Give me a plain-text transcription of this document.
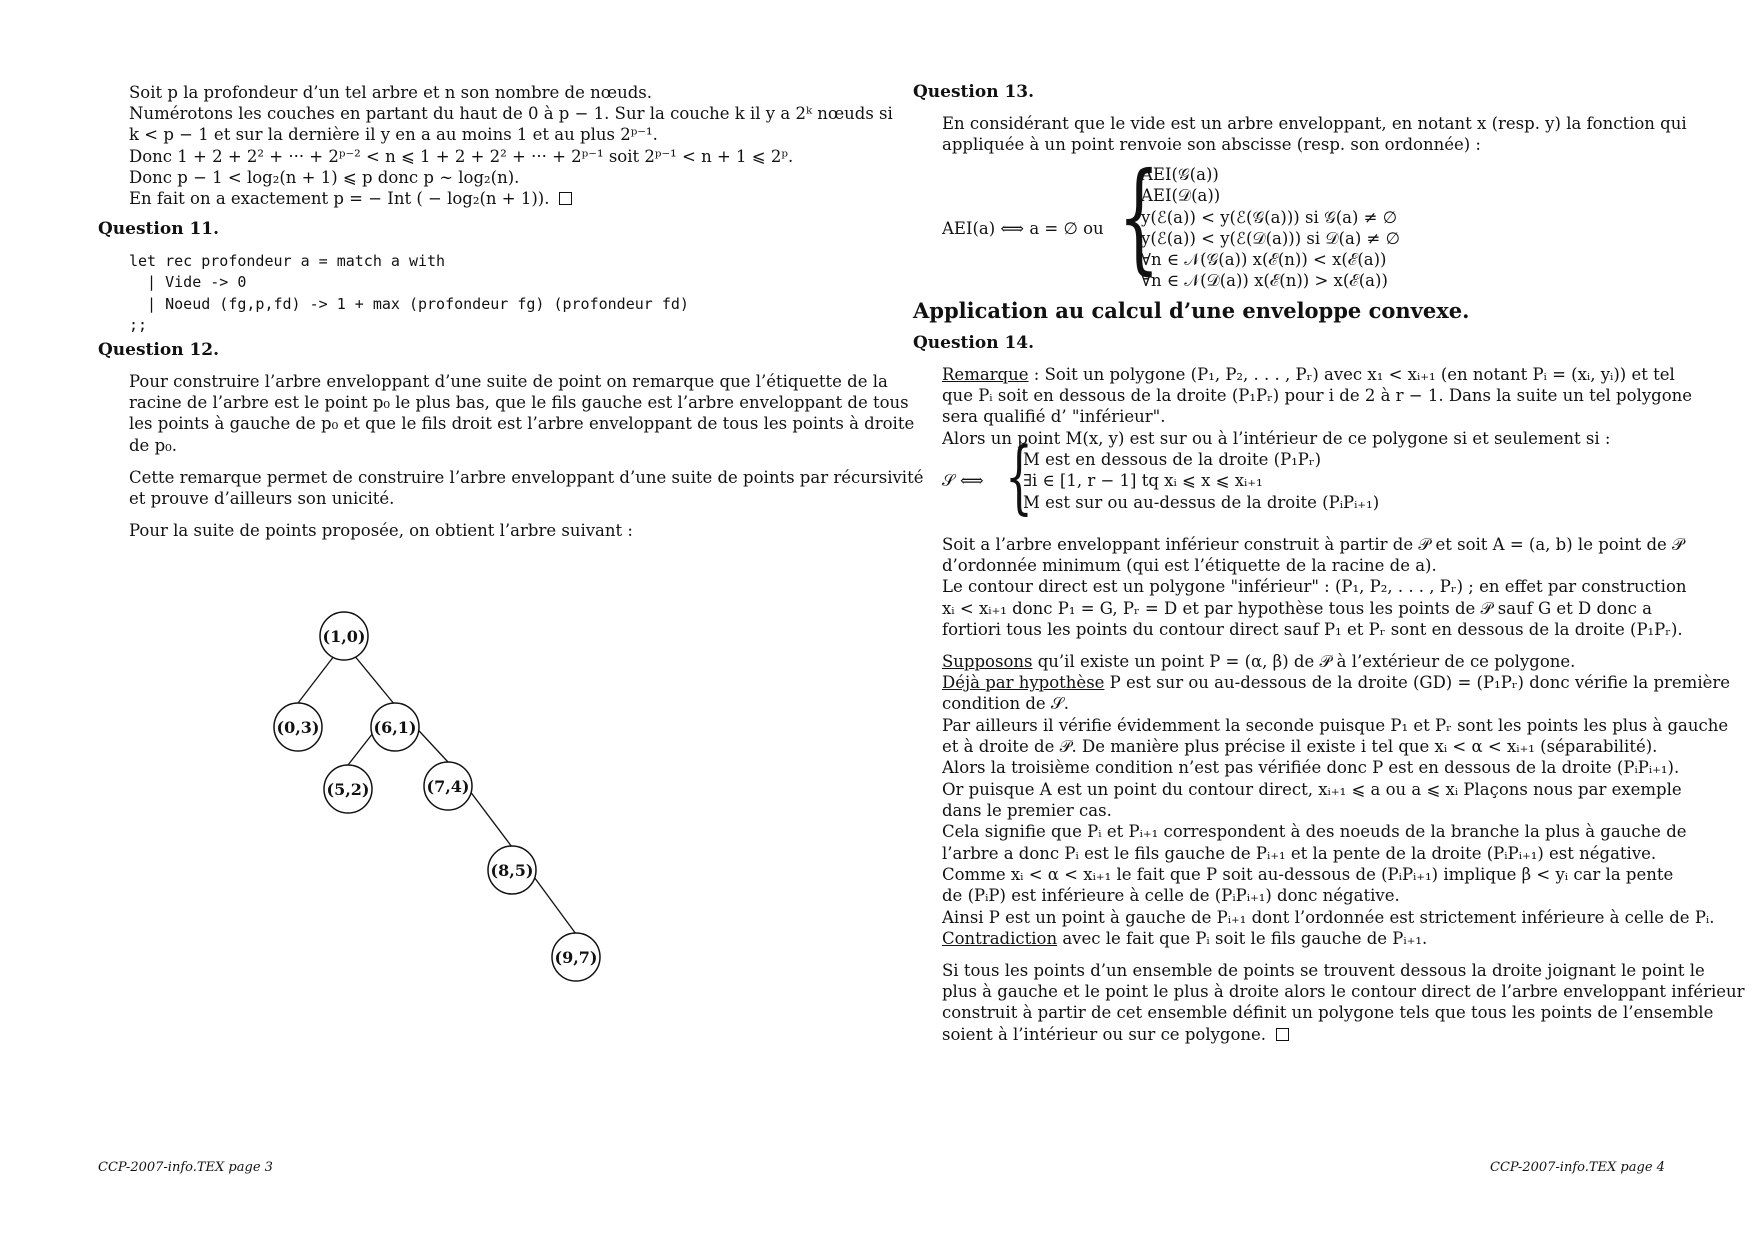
Soit p la profondeur d’un tel arbre et n son nombre de nœuds.
Numérotons les couches en partant du haut de 0 à p − 1. Sur la couche k il y a 2ᵏ nœuds si
k < p − 1 et sur la dernière il y en a au moins 1 et au plus 2ᵖ⁻¹.
Donc 1 + 2 + 2² + ··· + 2ᵖ⁻² < n ⩽ 1 + 2 + 2² + ··· + 2ᵖ⁻¹ soit 2ᵖ⁻¹ < n + 1 ⩽ 2ᵖ.
Donc p − 1 < log₂(n + 1) ⩽ p donc p ∼ log₂(n).
En fait on a exactement p = − Int ( − log₂(n + 1)).
Question 11.
let rec profondeur a = match a with
| Vide -> 0
| Noeud (fg,p,fd) -> 1 + max (profondeur fg) (profondeur fd)
;;
Question 12.
Pour construire l’arbre enveloppant d’une suite de point on remarque que l’étiquette de la
racine de l’arbre est le point p₀ le plus bas, que le fils gauche est l’arbre enveloppant de tous
les points à gauche de p₀ et que le fils droit est l’arbre enveloppant de tous les points à droite
de p₀.
Cette remarque permet de construire l’arbre enveloppant d’une suite de points par récursivité
et prouve d’ailleurs son unicité.
Pour la suite de points proposée, on obtient l’arbre suivant :
(1,0)
(0,3)	(6,1)
(5,2)	(7,4)
(8,5)
(9,7)
CCP-2007-info.TEX page 3
Question 13.
En considérant que le vide est un arbre enveloppant, en notant x (resp. y) la fonction qui
appliquée à un point renvoie son abscisse (resp. son ordonnée) :
AEI(a) ⟺ a = ∅ ou {
AEI(𝒢(a))
AEI(𝒟(a))
y(ℰ(a)) < y(ℰ(𝒢(a))) si 𝒢(a) ≠ ∅
y(ℰ(a)) < y(ℰ(𝒟(a))) si 𝒟(a) ≠ ∅
∀n ∈ 𝒩(𝒢(a)) x(ℰ(n)) < x(ℰ(a))
∀n ∈ 𝒩(𝒟(a)) x(ℰ(n)) > x(ℰ(a))
Application au calcul d’une enveloppe convexe.
Question 14.
Remarque : Soit un polygone (P₁, P₂, . . . , Pᵣ) avec x₁ < xᵢ₊₁ (en notant Pᵢ = (xᵢ, yᵢ)) et tel
que Pᵢ soit en dessous de la droite (P₁Pᵣ) pour i de 2 à r − 1. Dans la suite un tel polygone
sera qualifié d’ "inférieur".
Alors un point M(x, y) est sur ou à l’intérieur de ce polygone si et seulement si :
𝒮 ⟺ {
M est en dessous de la droite (P₁Pᵣ)
∃i ∈ [1, r − 1] tq xᵢ ⩽ x ⩽ xᵢ₊₁
M est sur ou au-dessus de la droite (PᵢPᵢ₊₁)
Soit a l’arbre enveloppant inférieur construit à partir de 𝒫 et soit A = (a, b) le point de 𝒫
d’ordonnée minimum (qui est l’étiquette de la racine de a).
Le contour direct est un polygone "inférieur" : (P₁, P₂, . . . , Pᵣ) ; en effet par construction
xᵢ < xᵢ₊₁ donc P₁ = G, Pᵣ = D et par hypothèse tous les points de 𝒫 sauf G et D donc a
fortiori tous les points du contour direct sauf P₁ et Pᵣ sont en dessous de la droite (P₁Pᵣ).
Supposons qu’il existe un point P = (α, β) de 𝒫 à l’extérieur de ce polygone.
Déjà par hypothèse P est sur ou au-dessous de la droite (GD) = (P₁Pᵣ) donc vérifie la première
condition de 𝒮.
Par ailleurs il vérifie évidemment la seconde puisque P₁ et Pᵣ sont les points les plus à gauche
et à droite de 𝒫. De manière plus précise il existe i tel que xᵢ < α < xᵢ₊₁ (séparabilité).
Alors la troisième condition n’est pas vérifiée donc P est en dessous de la droite (PᵢPᵢ₊₁).
Or puisque A est un point du contour direct, xᵢ₊₁ ⩽ a ou a ⩽ xᵢ Plaçons nous par exemple
dans le premier cas.
Cela signifie que Pᵢ et Pᵢ₊₁ correspondent à des noeuds de la branche la plus à gauche de
l’arbre a donc Pᵢ est le fils gauche de Pᵢ₊₁ et la pente de la droite (PᵢPᵢ₊₁) est négative.
Comme xᵢ < α < xᵢ₊₁ le fait que P soit au-dessous de (PᵢPᵢ₊₁) implique β < yᵢ car la pente
de (PᵢP) est inférieure à celle de (PᵢPᵢ₊₁) donc négative.
Ainsi P est un point à gauche de Pᵢ₊₁ dont l’ordonnée est strictement inférieure à celle de Pᵢ.
Contradiction avec le fait que Pᵢ soit le fils gauche de Pᵢ₊₁.
Si tous les points d’un ensemble de points se trouvent dessous la droite joignant le point le
plus à gauche et le point le plus à droite alors le contour direct de l’arbre enveloppant inférieur
construit à partir de cet ensemble définit un polygone tels que tous les points de l’ensemble
soient à l’intérieur ou sur ce polygone.
CCP-2007-info.TEX page 4
